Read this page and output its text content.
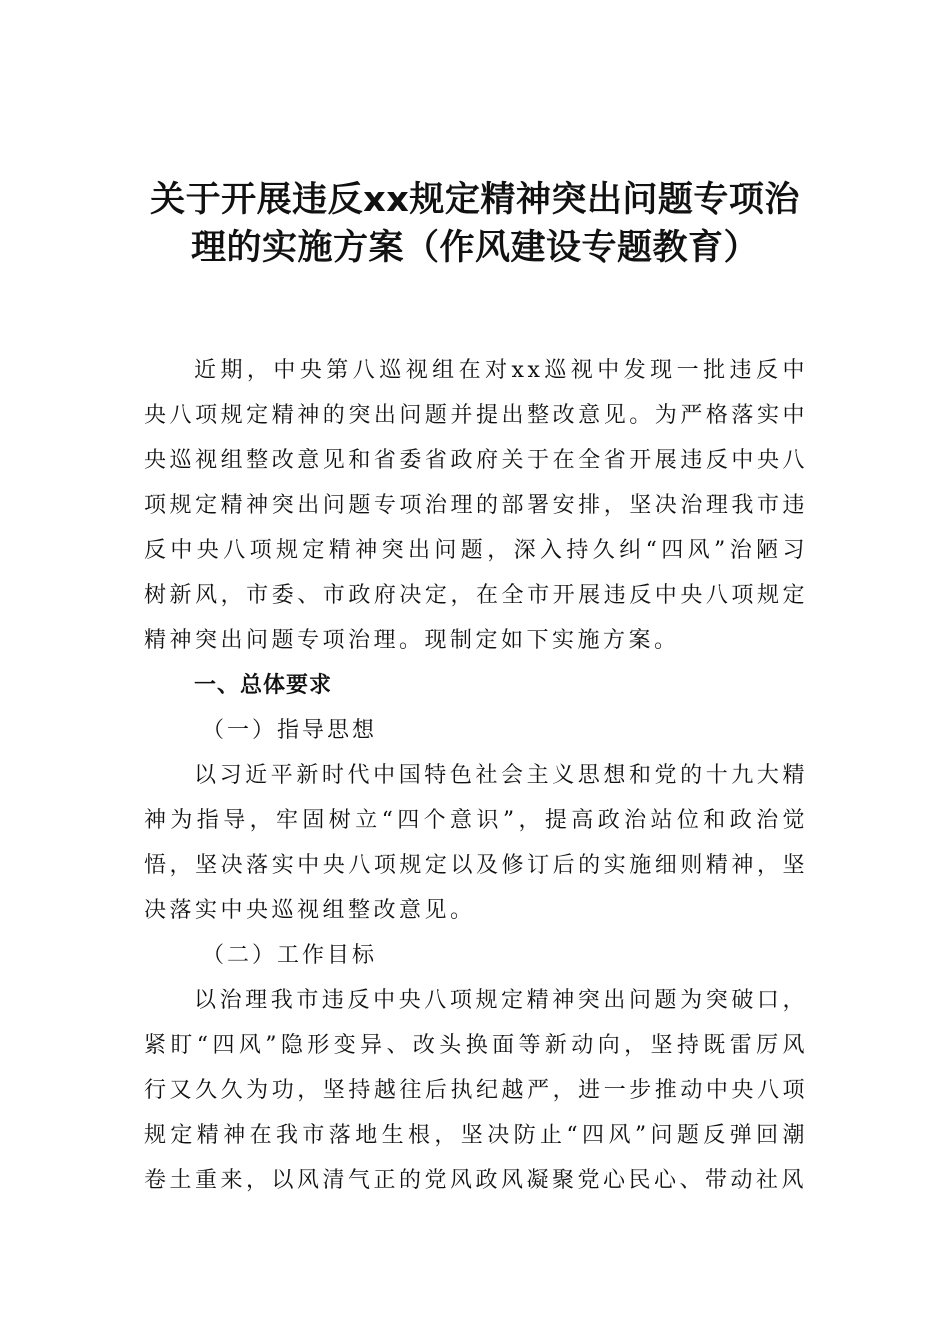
关于开展违反xx规定精神突出问题专项治
理的实施方案（作风建设专题教育）

近期，中央第八巡视组在对xx巡视中发现一批违反中央八项规定精神的突出问题并提出整改意见。为严格落实中央巡视组整改意见和省委省政府关于在全省开展违反中央八项规定精神突出问题专项治理的部署安排，坚决治理我市违反中央八项规定精神突出问题，深入持久纠“四风”治陋习树新风，市委、市政府决定，在全市开展违反中央八项规定精神突出问题专项治理。现制定如下实施方案。

一、总体要求

（一）指导思想

以习近平新时代中国特色社会主义思想和党的十九大精神为指导，牢固树立“四个意识”，提高政治站位和政治觉悟，坚决落实中央八项规定以及修订后的实施细则精神，坚决落实中央巡视组整改意见。

（二）工作目标

以治理我市违反中央八项规定精神突出问题为突破口，紧盯“四风”隐形变异、改头换面等新动向，坚持既雷厉风行又久久为功，坚持越往后执纪越严，进一步推动中央八项规定精神在我市落地生根，坚决防止“四风”问题反弹回潮卷土重来，以风清气正的党风政风凝聚党心民心、带动社风
